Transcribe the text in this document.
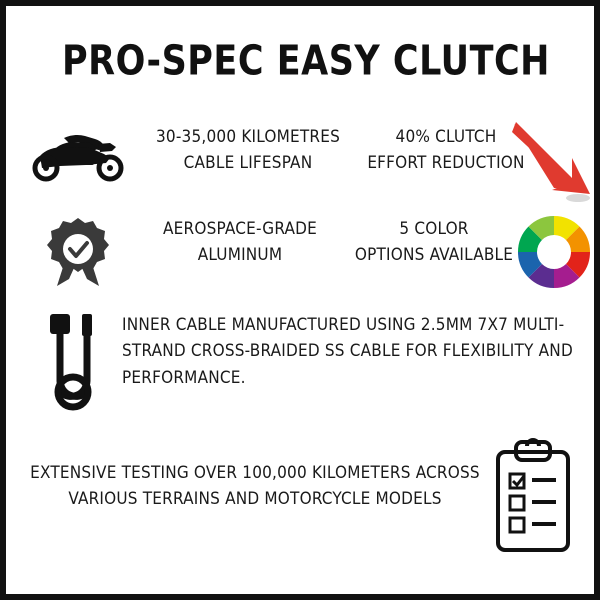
PRO-SPEC EASY CLUTCH
30-35,000 KILOMETRES
CABLE LIFESPAN
40% CLUTCH
EFFORT REDUCTION
AEROSPACE-GRADE
ALUMINUM
5 COLOR
OPTIONS AVAILABLE
INNER CABLE MANUFACTURED USING 2.5MM 7X7 MULTI-
STRAND CROSS-BRAIDED SS CABLE FOR FLEXIBILITY AND
PERFORMANCE.
EXTENSIVE TESTING OVER 100,000 KILOMETERS ACROSS VARIOUS TERRAINS AND MOTORCYCLE MODELS
